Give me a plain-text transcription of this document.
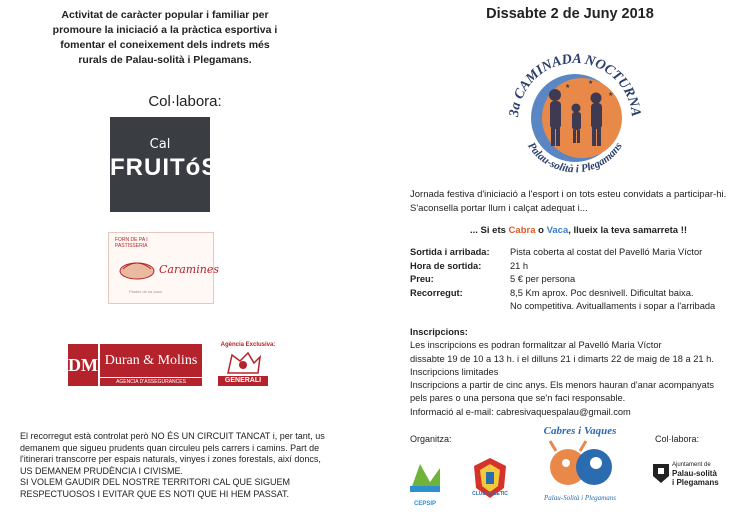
Activitat de caràcter popular i familiar per
promoure la iniciació a la pràctica esportiva i
fomentar el coneixement dels indrets més
rurals de Palau-solità i Plegamans.
Col·labora:
Cal
FRUITóS
FORN DE PA I PASTISSERIA
Caramines
Pastes de sa casa
DM Duran & Molins
AGENCIA D'ASSEGURANCES
Agència Exclusiva:
GENERALI
El recorregut està controlat però NO ÉS UN CIRCUIT TANCAT i, per tant, us
demanem que sigueu prudents quan circuleu pels carrers i camins. Part de
l'itinerari transcorre per espais naturals, vinyes i zones forestals, així doncs,
US DEMANEM PRUDÈNCIA I CIVISME.
SI VOLEM GAUDIR DEL NOSTRE TERRITORI CAL QUE SIGUEM
RESPECTUOSOS I EVITAR QUE ES NOTI QUE HI HEM PASSAT.
Dissabte 2 de Juny 2018
★
★
★
3a CAMINADA NOCTURNA
Palau-solità i Plegamans
Jornada festiva d'iniciació a l'esport i on tots esteu convidats a participar-hi.
S'aconsella portar llum i calçat adequat i...
... Si ets Cabra o Vaca, llueix la teva samarreta !!
Sortida i arribada:	Pista coberta al costat del Pavelló Maria Víctor
Hora de sortida:	21 h
Preu:	5 € per persona
Recorregut:	8,5 Km aprox. Poc desnivell. Dificultat baixa.
No competitiva. Avituallaments i sopar a l'arribada
Inscripcions:
Les inscripcions es podran formalitzar al Pavelló Maria Víctor
dissabte 19 de 10 a 13 h. i el dilluns 21 i dimarts 22 de maig de 18 a 21 h.
Inscripcions limitades
Inscripcions a partir de cinc anys. Els menors hauran d'anar acompanyats
pels pares o una persona que se'n faci responsable.
Informació al e-mail: cabresivaquespalau@gmail.com
Organitza:	Col·labora:
CEPSIP
CLUB ATLETIC
Cabres i Vaques
Palau-Solità i Plegamans
Ajuntament de
Palau-solità
i Plegamans
